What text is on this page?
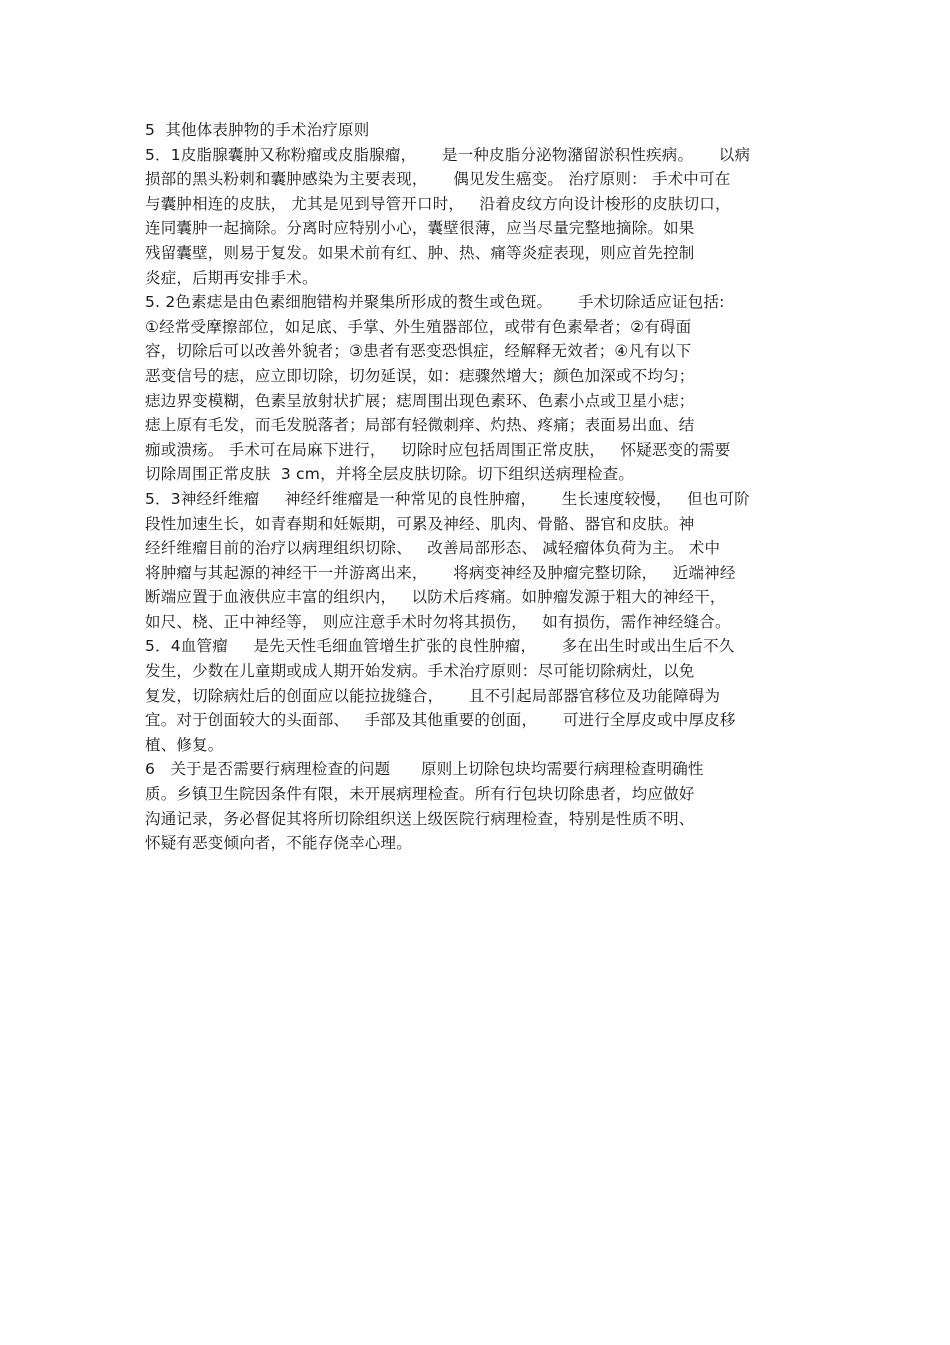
5  其他体表肿物的手术治疗原则
5．1皮脂腺囊肿又称粉瘤或皮脂腺瘤，     是一种皮脂分泌物潴留淤积性疾病。     以病
损部的黑头粉刺和囊肿感染为主要表现，     偶见发生癌变。 治疗原则： 手术中可在
与囊肿相连的皮肤， 尤其是见到导管开口时，   沿着皮纹方向设计梭形的皮肤切口，
连同囊肿一起摘除。分离时应特别小心，囊壁很薄，应当尽量完整地摘除。如果
残留囊壁，则易于复发。如果术前有红、肿、热、痛等炎症表现，则应首先控制
炎症，后期再安排手术。
5. 2色素痣是由色素细胞错构并聚集所形成的赘生或色斑。     手术切除适应证包括:
①经常受摩擦部位，如足底、手掌、外生殖器部位，或带有色素晕者；②有碍面
容，切除后可以改善外貌者；③患者有恶变恐惧症，经解释无效者；④凡有以下
恶变信号的痣，应立即切除，切勿延误，如：痣骤然增大；颜色加深或不均匀；
痣边界变模糊，色素呈放射状扩展；痣周围出现色素环、色素小点或卫星小痣；
痣上原有毛发，而毛发脱落者；局部有轻微刺痒、灼热、疼痛；表面易出血、结
痂或溃疡。 手术可在局麻下进行，   切除时应包括周围正常皮肤，   怀疑恶变的需要
切除周围正常皮肤  3 cm，并将全层皮肤切除。切下组织送病理检查。
5．3神经纤维瘤     神经纤维瘤是一种常见的良性肿瘤，     生长速度较慢，   但也可阶
段性加速生长，如青春期和妊娠期，可累及神经、肌肉、骨骼、器官和皮肤。神
经纤维瘤目前的治疗以病理组织切除、   改善局部形态、 减轻瘤体负荷为主。 术中
将肿瘤与其起源的神经干一并游离出来，     将病变神经及肿瘤完整切除，   近端神经
断端应置于血液供应丰富的组织内，   以防术后疼痛。如肿瘤发源于粗大的神经干，
如尺、桡、正中神经等， 则应注意手术时勿将其损伤，   如有损伤，需作神经缝合。
5．4血管瘤     是先天性毛细血管增生扩张的良性肿瘤，     多在出生时或出生后不久
发生，少数在儿童期或成人期开始发病。手术治疗原则：尽可能切除病灶，以免
复发，切除病灶后的创面应以能拉拢缝合，     且不引起局部器官移位及功能障碍为
宜。对于创面较大的头面部、   手部及其他重要的创面，     可进行全厚皮或中厚皮移
植、修复。
6   关于是否需要行病理检查的问题      原则上切除包块均需要行病理检查明确性
质。乡镇卫生院因条件有限，未开展病理检查。所有行包块切除患者，均应做好
沟通记录，务必督促其将所切除组织送上级医院行病理检查，特别是性质不明、
怀疑有恶变倾向者，不能存侥幸心理。
